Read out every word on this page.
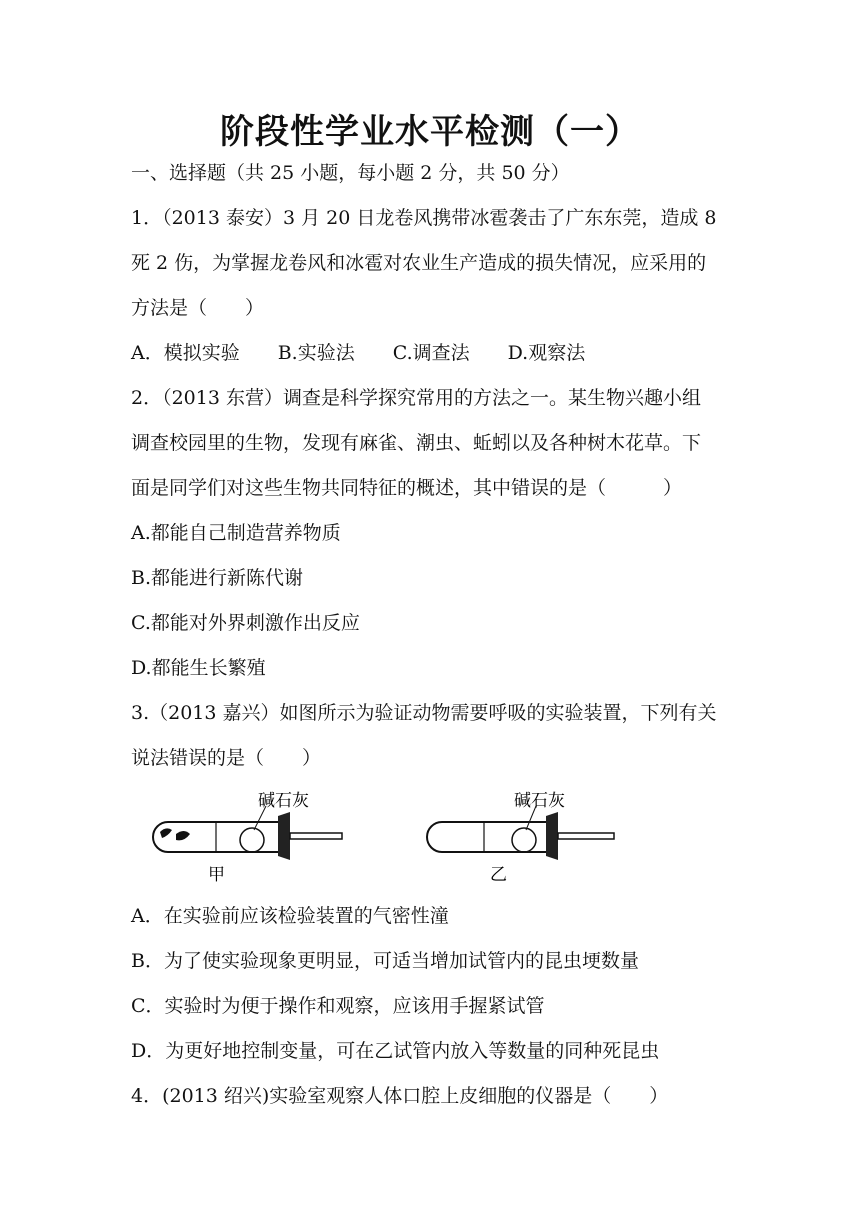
阶段性学业水平检测（一）
一、选择题（共 25 小题，每小题 2 分，共 50 分）
1．（2013 泰安）3 月 20 日龙卷风携带冰雹袭击了广东东莞，造成 8
死 2 伤，为掌握龙卷风和冰雹对农业生产造成的损失情况，应采用的
方法是（　　）
A．模拟实验　　B.实验法　　C.调查法　　D.观察法
2．（2013 东营）调查是科学探究常用的方法之一。某生物兴趣小组
调查校园里的生物，发现有麻雀、潮虫、蚯蚓以及各种树木花草。下
面是同学们对这些生物共同特征的概述，其中错误的是（　　　）
A.都能自己制造营养物质
B.都能进行新陈代谢
C.都能对外界刺激作出反应
D.都能生长繁殖
3.（2013 嘉兴）如图所示为验证动物需要呼吸的实验装置，下列有关
说法错误的是（　　）
碱石灰
甲
碱石灰
乙
A．在实验前应该检验装置的气密性潼
B．为了使实验现象更明显，可适当增加试管内的昆虫埂数量
C．实验时为便于操作和观察，应该用手握紧试管
D．为更好地控制变量，可在乙试管内放入等数量的同种死昆虫
4．(2013 绍兴)实验室观察人体口腔上皮细胞的仪器是（　　）
